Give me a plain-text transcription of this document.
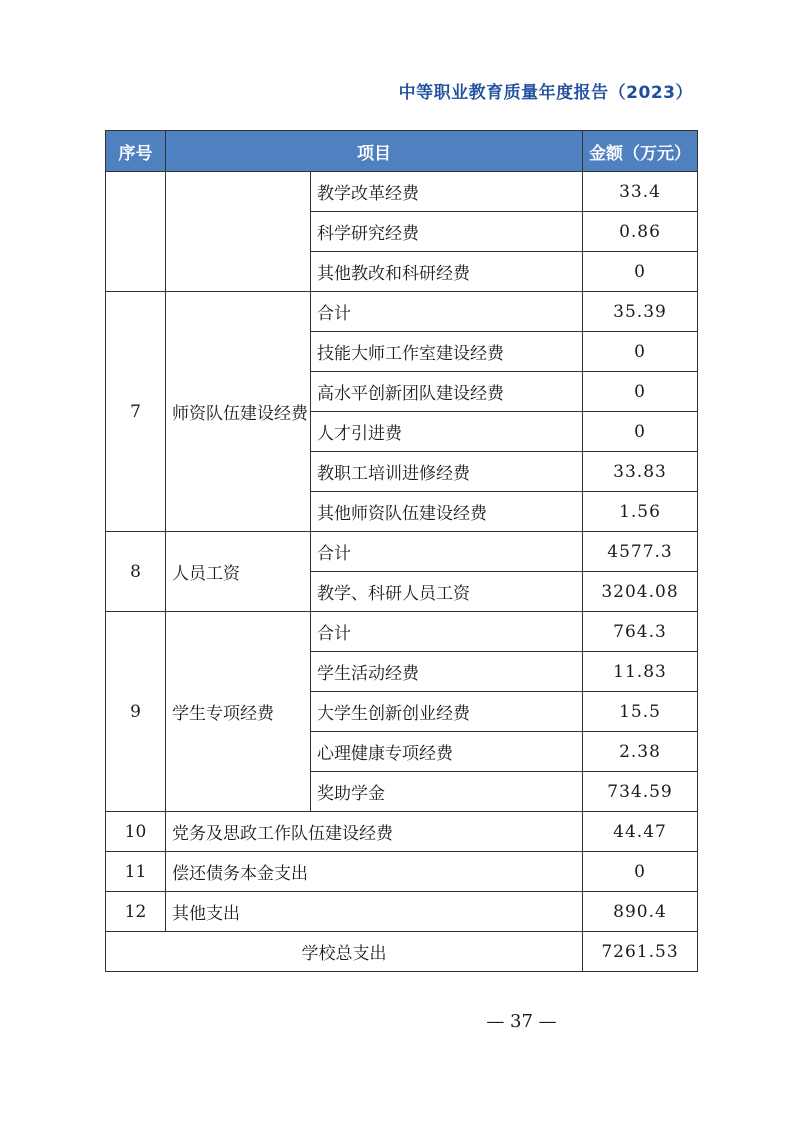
中等职业教育质量年度报告（2023）
序号	项目		金额（万元）
		教学改革经费	33.4
		科学研究经费	0.86
		其他教改和科研经费	0
7	师资队伍建设经费	合计	35.39
		技能大师工作室建设经费	0
		高水平创新团队建设经费	0
		人才引进费	0
		教职工培训进修经费	33.83
		其他师资队伍建设经费	1.56
8	人员工资	合计	4577.3
		教学、科研人员工资	3204.08
9	学生专项经费	合计	764.3
		学生活动经费	11.83
		大学生创新创业经费	15.5
		心理健康专项经费	2.38
		奖助学金	734.59
10	党务及思政工作队伍建设经费		44.47
11	偿还债务本金支出		0
12	其他支出		890.4
学校总支出			7261.53
— 37 —
